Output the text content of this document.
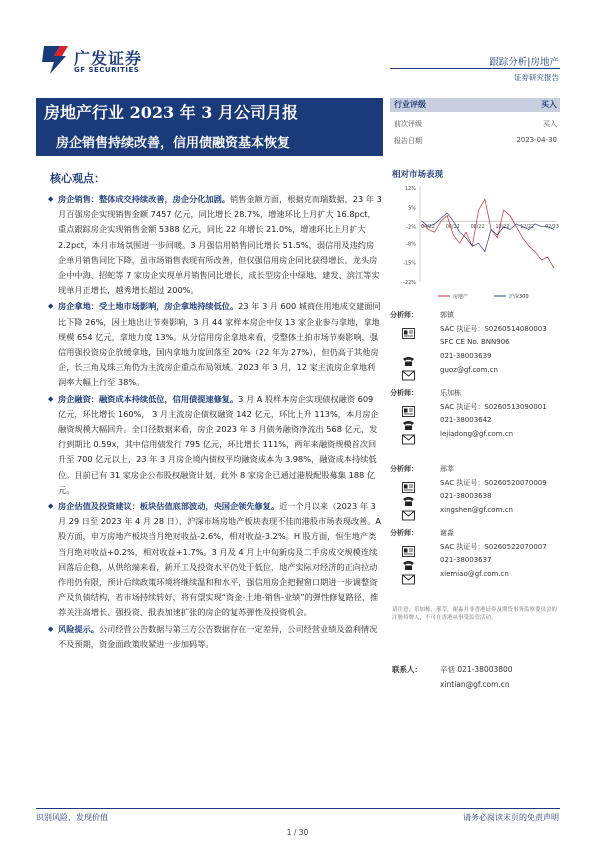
广发证券
GF SECURITIES
跟踪分析|房地产
证券研究报告
房地产行业 2023 年 3 月公司月报
房企销售持续改善，信用债融资基本恢复
行业评级	买入
前次评级	买入
报告日期	2023-04-30
核心观点：
◆ 房企销售：整体成交持续改善，房企分化加剧。销售金额方面，根据克而瑞数据，23 年 3 月百强房企实现销售金额 7457 亿元，同比增长 28.7%，增速环比上月扩大 16.8pct，重点跟踪房企实现销售金额 5388 亿元，同比 22 年增长 21.0%，增速环比上月扩大 2.2pct，本月市场氛围进一步回暖。3 月强信用销售同比增长 51.5%，弱信用及违约房企单月销售同比下降，虽市场销售表现有所改善，但仅强信用房企同比获得增长。龙头房企中中海、招蛇等 7 家房企实现单月销售同比增长，成长型房企中绿地、建发、滨江等实现单月正增长，越秀增长超过 200%。
◆ 房企拿地：受土地市场影响，房企拿地持续低位。23 年 3 月 600 城商住用地成交建面同比下降 26%，因土地出让节奏影响，3 月 44 家样本房企中仅 13 家企业参与拿地，拿地规模 654 亿元，拿地力度 13%。从分信用房企拿地来看，受整体土拍市场节奏影响，强信用强投资房企放缓拿地，国内拿地力度回落至 20%（22 年为 27%），但仍高于其他房企，长三角及珠三角仍为主流房企重点布局领域。2023 年 3 月，12 家主流房企拿地利润率大幅上行至 38%。
◆ 房企融资：融资成本持续低位，信用债提速修复。3 月 A 股样本房企实现债权融资 609 亿元，环比增长 160%， 3 月主流房企债权融资 142 亿元，环比上升 113%，本月房企融资规模大幅回升。全口径数据来看，房企 2023 年 3 月债务融资净流出 568 亿元，发行到期比 0.59x，其中信用债发行 795 亿元，环比增长 111%，两年来融资规模首次回升至 700 亿元以上，23 年 3 月房企境内债权平均融资成本为 3.98%，融资成本持续低位。目前已有 31 家房企公布股权融资计划，此外 8 家房企已通过港股配股募集 188 亿元。
◆ 房企估值及投资建议：板块估值底部波动，央国企领先修复。近一个月以来（2023 年 3 月 29 日至 2023 年 4 月 28 日），沪深市场房地产板块表现不佳而港股市场表现改善。A 股方面，申万房地产板块当月绝对收益-2.6%，相对收益-3.2%。H 股方面，恒生地产类当月绝对收益+0.2%，相对收益+1.7%。3 月及 4 月上中旬新房及二手房成交规模连续回落后企稳，从供给端来看，新开工及投资水平仍处于低位，地产实际对经济的正向拉动作用仍有限，预计后续政策环境将继续温和和水平，强信用房企把握窗口期进一步调整资产及负债结构，若市场持续转好，将有望实现“资金-土地-销售-业绩”的弹性修复路径，推荐关注高增长、强投资、报表加速扩张的房企的复苏弹性及投资机会。
◆ 风险提示。公司经营公告数据与第三方公告数据存在一定差异，公司经营业绩及盈利情况不及预期，资金面政策收紧进一步加码等。
相对市场表现
12%
5%
-2%
-8%
-15%
-22%
04/22 06/22 08/22 10/22 12/22 02/23
房地产	沪深300
分析师：	郭镇
SAC 执证号：S0260514080003
SFC CE No. BNN906
021-38003639
guoz@gf.com.cn
分析师：	乐加栋
SAC 执证号：S0260513090001
021-38003642
lejiadong@gf.com.cn
分析师：	邢莘
SAC 执证号：S0260520070009
021-38003638
xingshen@gf.com.cn
分析师：	谢淼
SAC 执证号：S0260522070007
021-38003637
xiemiao@gf.com.cn
请注意，乐加栋，邢莘，谢淼并非香港证券及期货事务监察委员会的注册持牌人，不可在香港从事受监管活动。
联系人： 辛恬 021-38003800
xintian@gf.com.cn
识别风险，发现价值	请务必阅读末页的免责声明
1 / 30
